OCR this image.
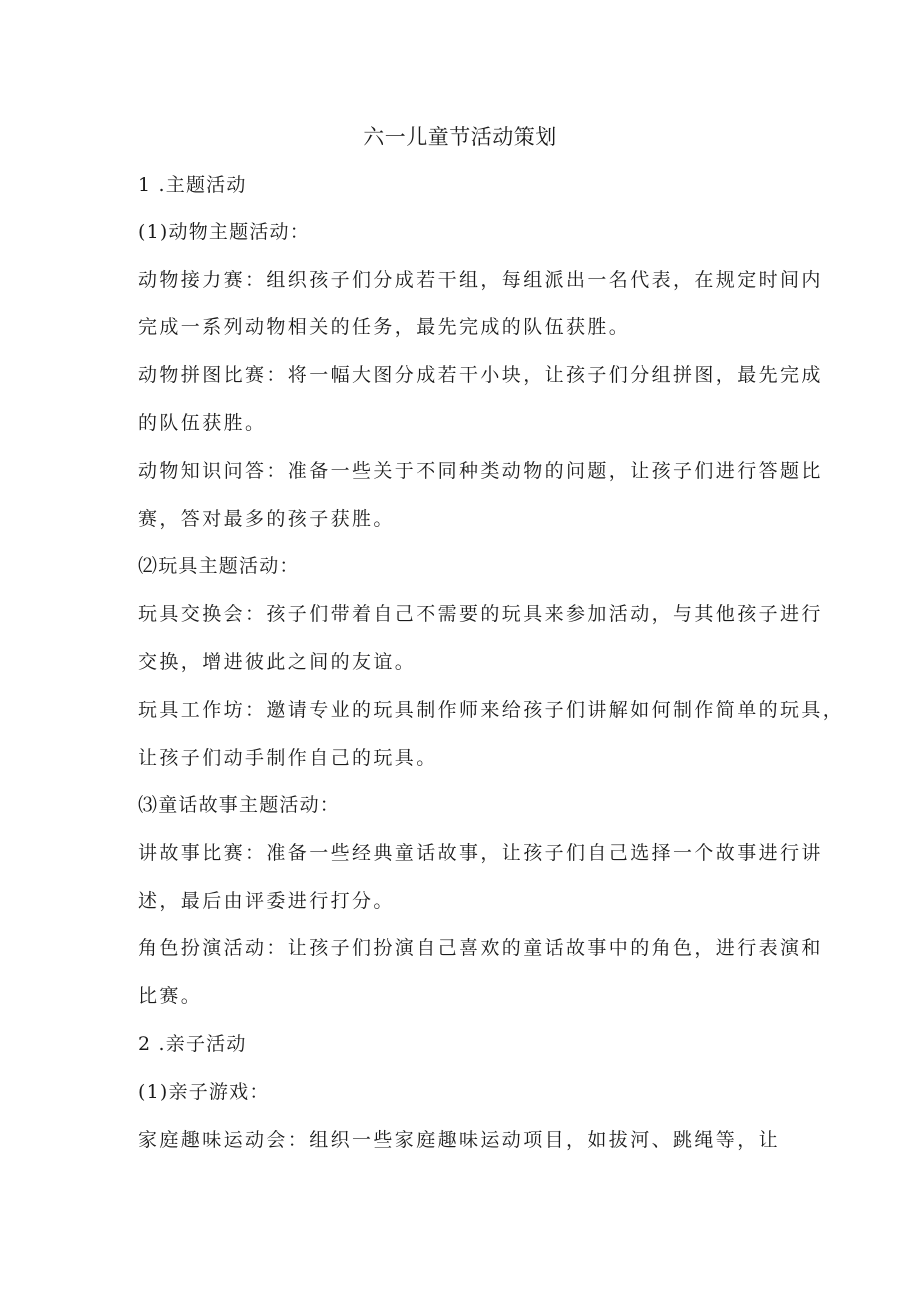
六一儿童节活动策划
1 .主题活动
(1)动物主题活动：
动物接力赛：组织孩子们分成若干组，每组派出一名代表，在规定时间内
完成一系列动物相关的任务，最先完成的队伍获胜。
动物拼图比赛：将一幅大图分成若干小块，让孩子们分组拼图，最先完成
的队伍获胜。
动物知识问答：准备一些关于不同种类动物的问题，让孩子们进行答题比
赛，答对最多的孩子获胜。
⑵玩具主题活动：
玩具交换会：孩子们带着自己不需要的玩具来参加活动，与其他孩子进行
交换，增进彼此之间的友谊。
玩具工作坊：邀请专业的玩具制作师来给孩子们讲解如何制作简单的玩具，
让孩子们动手制作自己的玩具。
⑶童话故事主题活动：
讲故事比赛：准备一些经典童话故事，让孩子们自己选择一个故事进行讲
述，最后由评委进行打分。
角色扮演活动：让孩子们扮演自己喜欢的童话故事中的角色，进行表演和
比赛。
2 .亲子活动
(1)亲子游戏：
家庭趣味运动会：组织一些家庭趣味运动项目，如拔河、跳绳等，让
